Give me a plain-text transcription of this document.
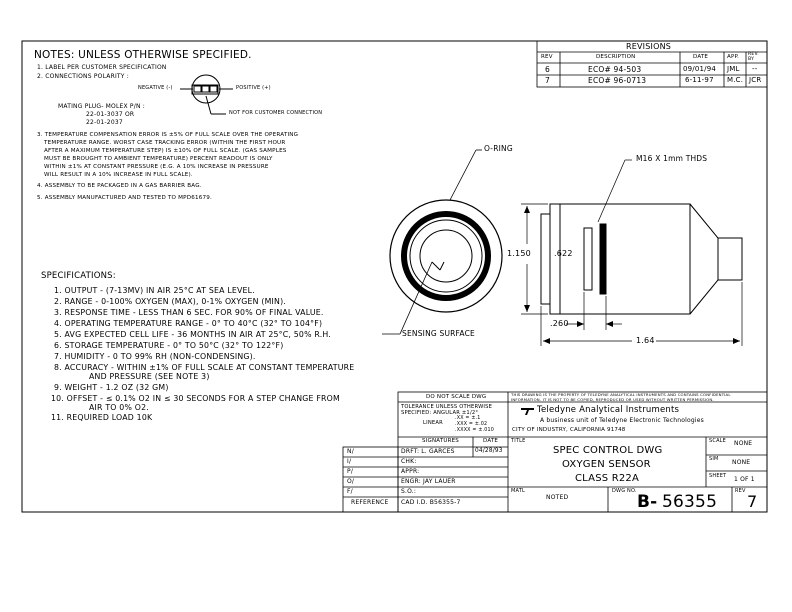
NOTES: UNLESS OTHERWISE SPECIFIED.
1. LABEL PER CUSTOMER SPECIFICATION
2. CONNECTIONS POLARITY :
NEGATIVE (-)	POSITIVE (+)
NOT FOR CUSTOMER CONNECTION
MATING PLUG- MOLEX P/N :
22-01-3037 OR
22-01-2037
3. TEMPERATURE COMPENSATION ERROR IS ±5% OF FULL SCALE OVER THE OPERATING
TEMPERATURE RANGE. WORST CASE TRACKING ERROR (WITHIN THE FIRST HOUR
AFTER A MAXIMUM TEMPERATURE STEP) IS ±10% OF FULL SCALE. (GAS SAMPLES
MUST BE BROUGHT TO AMBIENT TEMPERATURE) PERCENT READOUT IS ONLY
WITHIN ±1% AT CONSTANT PRESSURE (E.G. A 10% INCREASE IN PRESSURE
WILL RESULT IN A 10% INCREASE IN FULL SCALE).
4. ASSEMBLY TO BE PACKAGED IN A GAS BARRIER BAG.
5. ASSEMBLY MANUFACTURED AND TESTED TO MPD61679.
SPECIFICATIONS:
1. OUTPUT - (7-13MV) IN AIR 25°C AT SEA LEVEL.
2. RANGE - 0-100% OXYGEN (MAX), 0-1% OXYGEN (MIN).
3. RESPONSE TIME - LESS THAN 6 SEC. FOR 90% OF FINAL VALUE.
4. OPERATING TEMPERATURE RANGE - 0° TO 40°C (32° TO 104°F)
5. AVG EXPECTED CELL LIFE - 36 MONTHS IN AIR AT 25°C, 50% R.H.
6. STORAGE TEMPERATURE - 0° TO 50°C (32° TO 122°F)
7. HUMIDITY - 0 TO 99% RH (NON-CONDENSING).
8. ACCURACY - WITHIN ±1% OF FULL SCALE AT CONSTANT TEMPERATURE
AND PRESSURE (SEE NOTE 3)
9. WEIGHT - 1.2 OZ (32 GM)
10. OFFSET - ≤ 0.1% O2 IN ≤ 30 SECONDS FOR A STEP CHANGE FROM
AIR TO 0% O2.
11. REQUIRED LOAD 10K
O-RING
M16 X 1mm THDS
SENSING SURFACE
1.150	.622
.260
1.64
REVISIONS
REV	DESCRIPTION	DATE	APP. REV. BY
6	ECO# 94-503	09/01/94 JML --
7	ECO# 96-0713	6-11-97 M.C. JCR
DO NOT SCALE DWG
TOLERANCE UNLESS OTHERWISE
SPECIFIED: ANGULAR ±1/2°
LINEAR
.XX = ±.1
.XXX = ±.02
.XXXX = ±.010
THIS DRAWING IS THE PROPERTY OF TELEDYNE ANALYTICAL INSTRUMENTS AND CONTAINS CONFIDENTIAL
INFORMATION. IT IS NOT TO BE COPIED, REPRODUCED OR USED WITHOUT WRITTEN PERMISSION.
Teledyne Analytical Instruments
A business unit of Teledyne Electronic Technologies
CITY OF INDUSTRY, CALIFORNIA 91748
SIGNATURES	DATE	TITLE
SPEC CONTROL DWG
OXYGEN SENSOR
CLASS R22A
N/
I/
P/
O/
F/
REFERENCE
DRFT: L. GARCES	04/28/93
CHK:
APPR:
ENGR: JAY LAUER
S.O.:
CAD I.D. B56355-7
SCALE NONE
SIM NONE
SHEET 1 OF 1
MATL
NOTED
DWG NO.
B- 56355
REV
7
